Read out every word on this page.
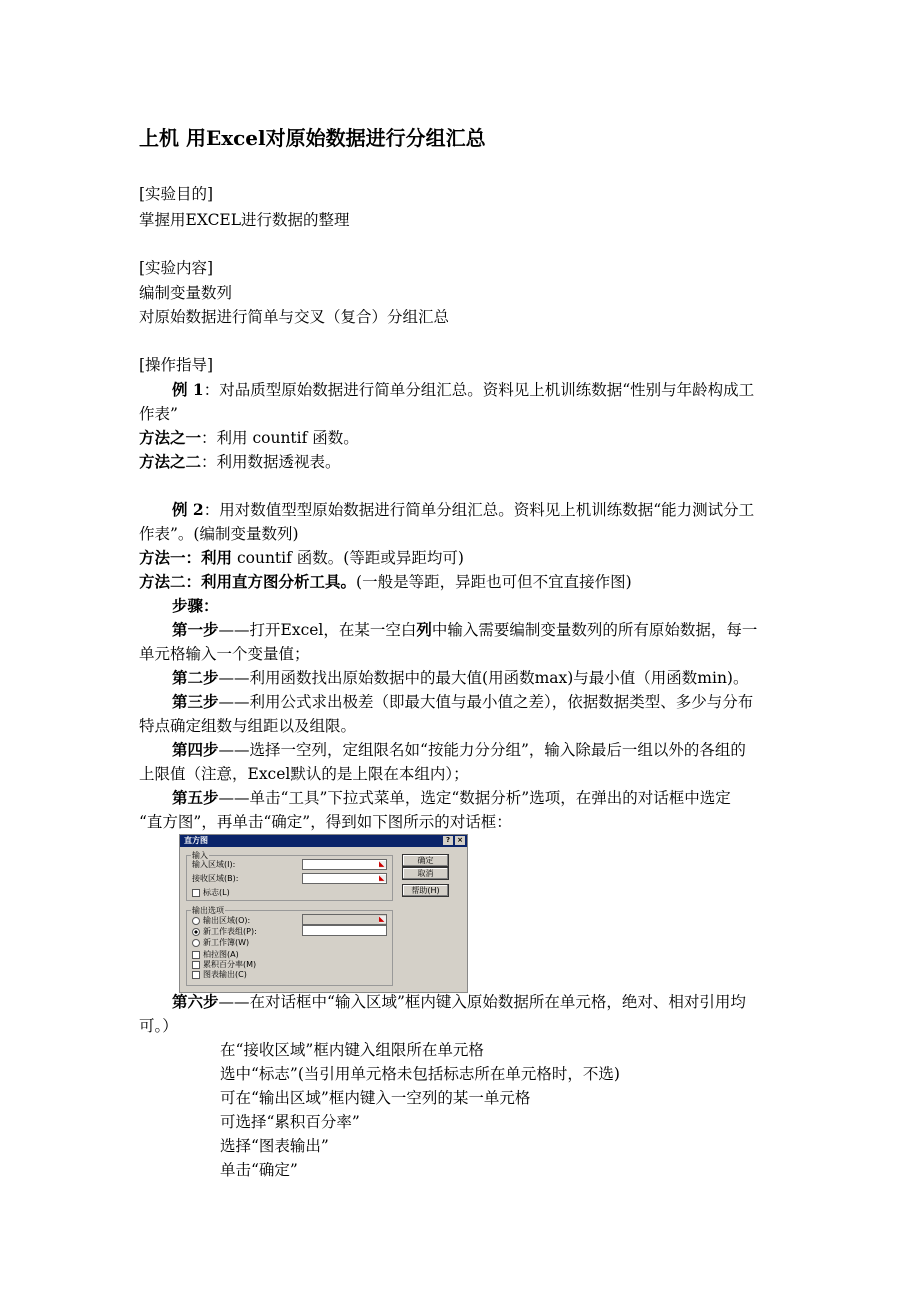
上机 用Excel对原始数据进行分组汇总
[实验目的]
掌握用EXCEL进行数据的整理
[实验内容]
编制变量数列
对原始数据进行简单与交叉（复合）分组汇总
[操作指导]
例 1：对品质型原始数据进行简单分组汇总。资料见上机训练数据“性别与年龄构成工
作表”
方法之一：利用 countif 函数。
方法之二：利用数据透视表。
例 2：用对数值型型原始数据进行简单分组汇总。资料见上机训练数据“能力测试分工
作表”。(编制变量数列)
方法一：利用 countif 函数。(等距或异距均可)
方法二：利用直方图分析工具。(一般是等距，异距也可但不宜直接作图)
步骤：
第一步——打开Excel，在某一空白列中输入需要编制变量数列的所有原始数据，每一
单元格输入一个变量值；
第二步——利用函数找出原始数据中的最大值(用函数max)与最小值（用函数min)。
第三步——利用公式求出极差（即最大值与最小值之差），依据数据类型、多少与分布
特点确定组数与组距以及组限。
第四步——选择一空列，定组限名如“按能力分分组”，输入除最后一组以外的各组的
上限值（注意，Excel默认的是上限在本组内）；
第五步——单击“工具”下拉式菜单，选定“数据分析”选项，在弹出的对话框中选定
“直方图”，再单击“确定”，得到如下图所示的对话框：
直方图	?	×
输入
输入区域(I):	◣
接收区域(B):	◣
标志(L)
确定
取消
帮助(H)
输出选项
输出区域(O):	◣
新工作表组(P):
新工作簿(W)
柏拉图(A)
累积百分率(M)
图表输出(C)
第六步——在对话框中“输入区域”框内键入原始数据所在单元格，绝对、相对引用均
可。）
在“接收区域”框内键入组限所在单元格
选中“标志”(当引用单元格未包括标志所在单元格时，不选)
可在“输出区域”框内键入一空列的某一单元格
可选择“累积百分率”
选择“图表输出”
单击“确定”
